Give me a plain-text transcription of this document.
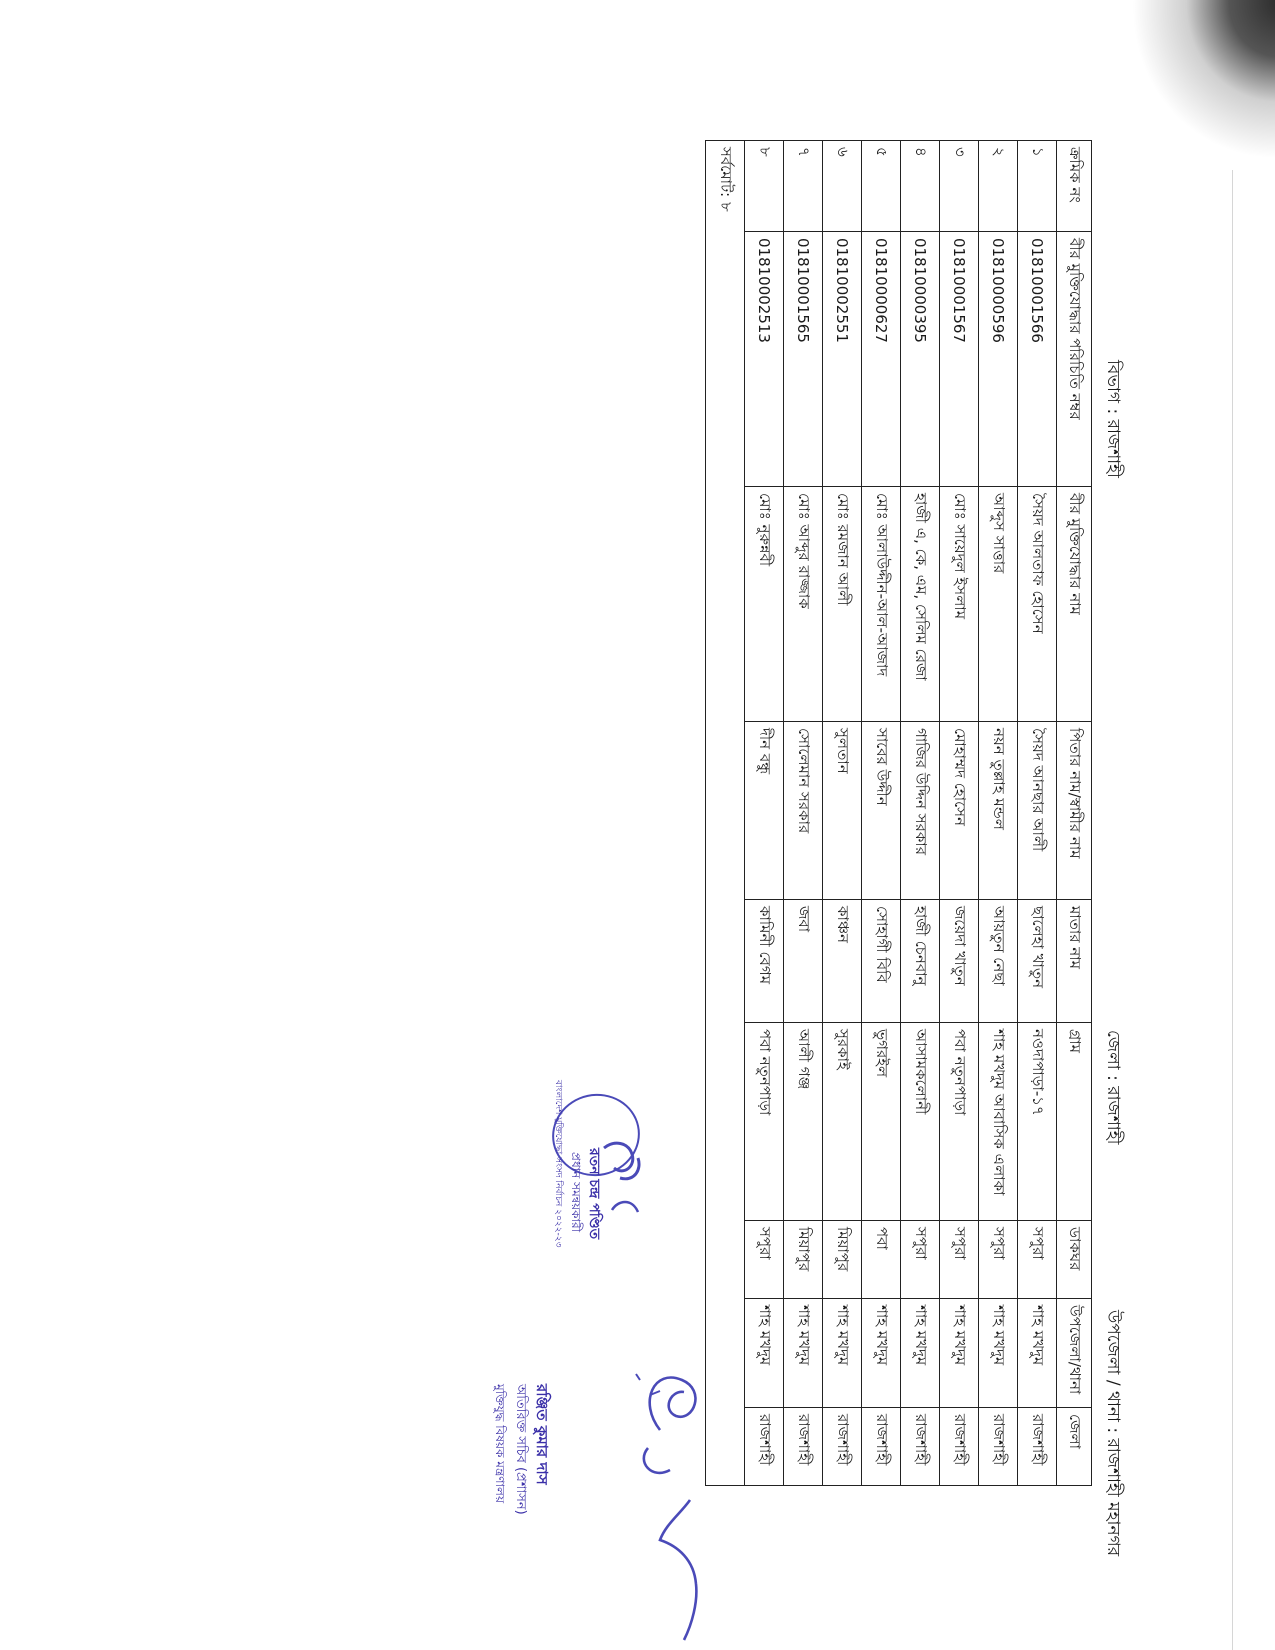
বিভাগ : রাজশাহী
জেলা : রাজশাহী
উপজেলা / থানা : রাজশাহী মহানগর
ক্রমিক নং	বীর মুক্তিযোদ্ধার পরিচিতি নম্বর	বীর মুক্তিযোদ্ধার নাম	পিতার নাম/স্বামীর নাম	মাতার নাম	গ্রাম	ডাকঘর	উপজেলা/থানা	জেলা
১	01810001566	সৈয়দ আলতাফ হোসেন	সৈয়দ আনছার আলী	ছালেহা খাতুন	নওদাপাড়া-১৭	সপুরা	শাহ মখদুম	রাজশাহী
২	01810000596	আব্দুস সাত্তার	নয়ন তুল্লাহ মন্ডল	আয়তুন নেছা	শাহ মখদুম আবাসিক এলাকা	সপুরা	শাহ মখদুম	রাজশাহী
৩	01810001567	মোঃ সায়েদুল ইসলাম	মোহাম্মদ হোসেন	জয়েদা খাতুন	পবা নতুনপাড়া	সপুরা	শাহ মখদুম	রাজশাহী
৪	01810000395	হাজী এ, কে, এম, সেলিম রেজা	গাজির উদ্দিন সরকার	হাজী চেনবানু	আসামকলোনী	সপুরা	শাহ মখদুম	রাজশাহী
৫	01810000627	মোঃ আলাউদ্দীন-আল-আজাদ	সাবের উদ্দীন	সোহাগী বিবি	ভুগরইল	পবা	শাহ মখদুম	রাজশাহী
৬	01810002551	মোঃ রমজান আলী	সুলতান	কাঞ্চন	সুরকাই	মিয়াপুর	শাহ মখদুম	রাজশাহী
৭	01810001565	মোঃ আব্দুর রাজ্জাক	সোলেমান সরকার	জবা	আলী গঞ্জ	মিয়াপুর	শাহ মখদুম	রাজশাহী
৮	01810002513	মোঃ নুরুন্নবী	দীন বন্ধু	কামিনী বেগম	পবা নতুনপাড়া	সপুরা	শাহ মখদুম	রাজশাহী
সর্বমোট: ৮								
রতন চন্দ্র পণ্ডিত
প্রধান সমন্বয়কারী
বাংলাদেশ মুক্তিযোদ্ধা সংসদ নির্বাচন ২০২২-২৩
রঞ্জিত কুমার দাস
অতিরিক্ত সচিব (প্রশাসন)
মুক্তিযুদ্ধ বিষয়ক মন্ত্রণালয়
